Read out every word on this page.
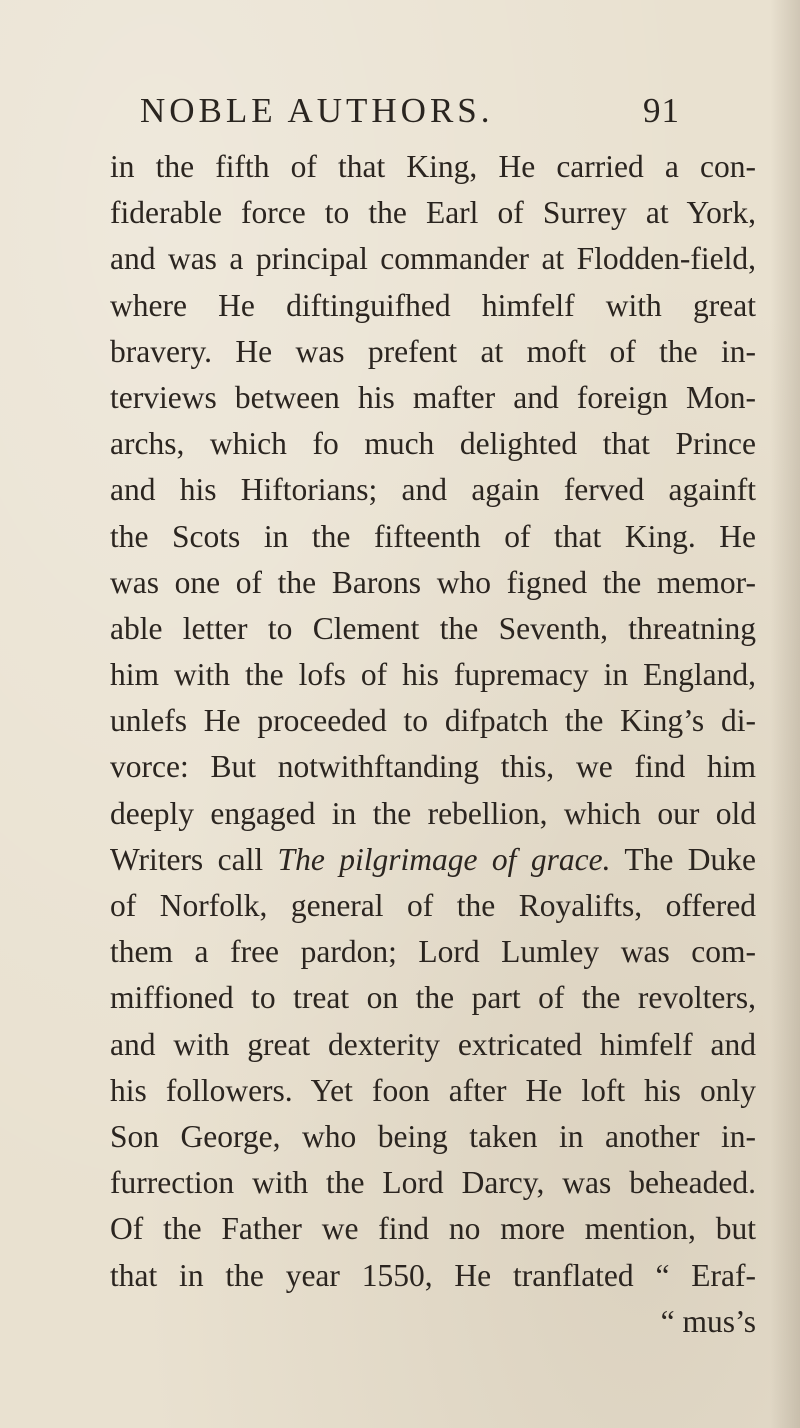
NOBLE AUTHORS.	91
in the fifth of that King, He carried a con-
fiderable force to the Earl of Surrey at York,
and was a principal commander at Flodden-field,
where He diftinguifhed himfelf with great
bravery. He was prefent at moft of the in-
terviews between his mafter and foreign Mon-
archs, which fo much delighted that Prince
and his Hiftorians; and again ferved againft
the Scots in the fifteenth of that King. He
was one of the Barons who figned the memor-
able letter to Clement the Seventh, threatning
him with the lofs of his fupremacy in England,
unlefs He proceeded to difpatch the King’s di-
vorce: But notwithftanding this, we find him
deeply engaged in the rebellion, which our old
Writers call The pilgrimage of grace. The Duke
of Norfolk, general of the Royalifts, offered
them a free pardon; Lord Lumley was com-
miffioned to treat on the part of the revolters,
and with great dexterity extricated himfelf and
his followers. Yet foon after He loft his only
Son George, who being taken in another in-
furrection with the Lord Darcy, was beheaded.
Of the Father we find no more mention, but
that in the year 1550, He tranflated “ Eraf-
“ mus’s
